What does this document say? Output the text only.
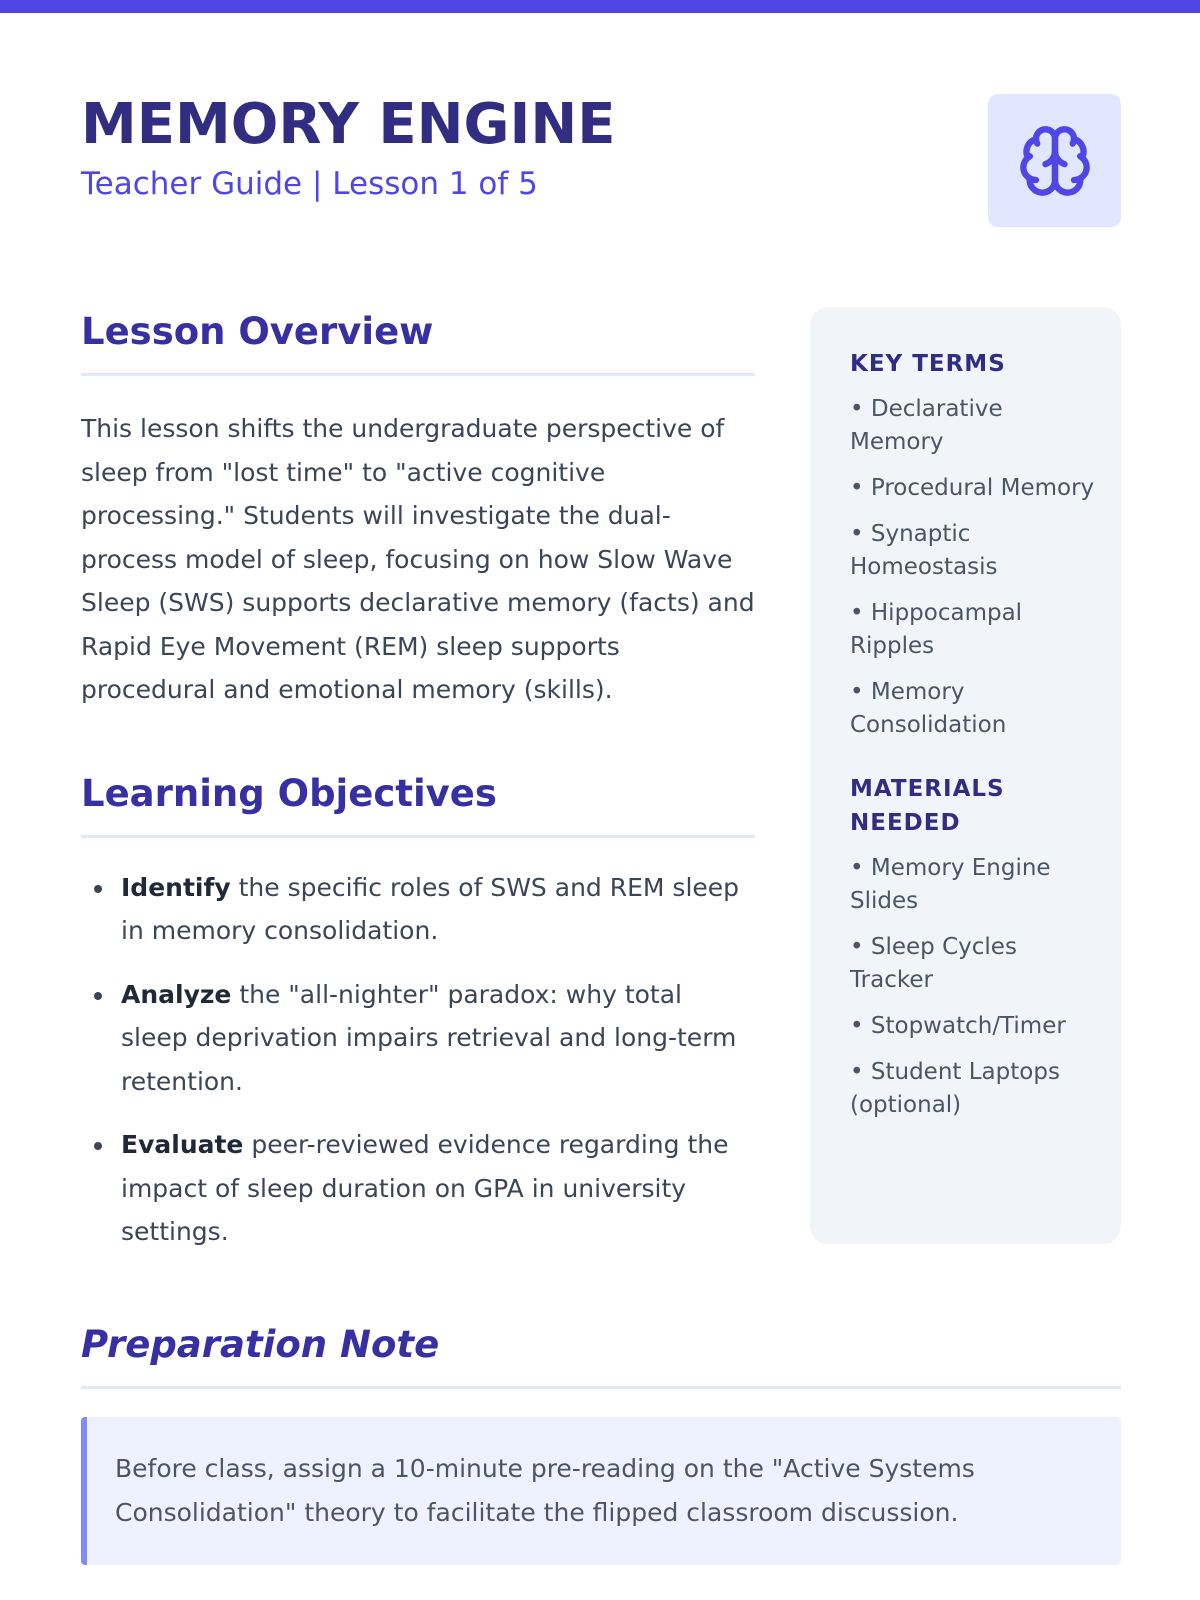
MEMORY ENGINE
Teacher Guide | Lesson 1 of 5
Lesson Overview

This lesson shifts the undergraduate perspective of sleep from "lost time" to "active cognitive processing." Students will investigate the dual-process model of sleep, focusing on how Slow Wave Sleep (SWS) supports declarative memory (facts) and Rapid Eye Movement (REM) sleep supports procedural and emotional memory (skills).

Learning Objectives
Identify the specific roles of SWS and REM sleep in memory consolidation.
Analyze the "all-nighter" paradox: why total sleep deprivation impairs retrieval and long-term retention.
Evaluate peer-reviewed evidence regarding the impact of sleep duration on GPA in university settings.
KEY TERMS
• Declarative Memory
• Procedural Memory
• Synaptic Homeostasis
• Hippocampal Ripples
• Memory Consolidation
MATERIALS NEEDED
• Memory Engine Slides
• Sleep Cycles Tracker
• Stopwatch/Timer
• Student Laptops (optional)
Preparation Note
Before class, assign a 10-minute pre-reading on the "Active Systems Consolidation" theory to facilitate the flipped classroom discussion.
